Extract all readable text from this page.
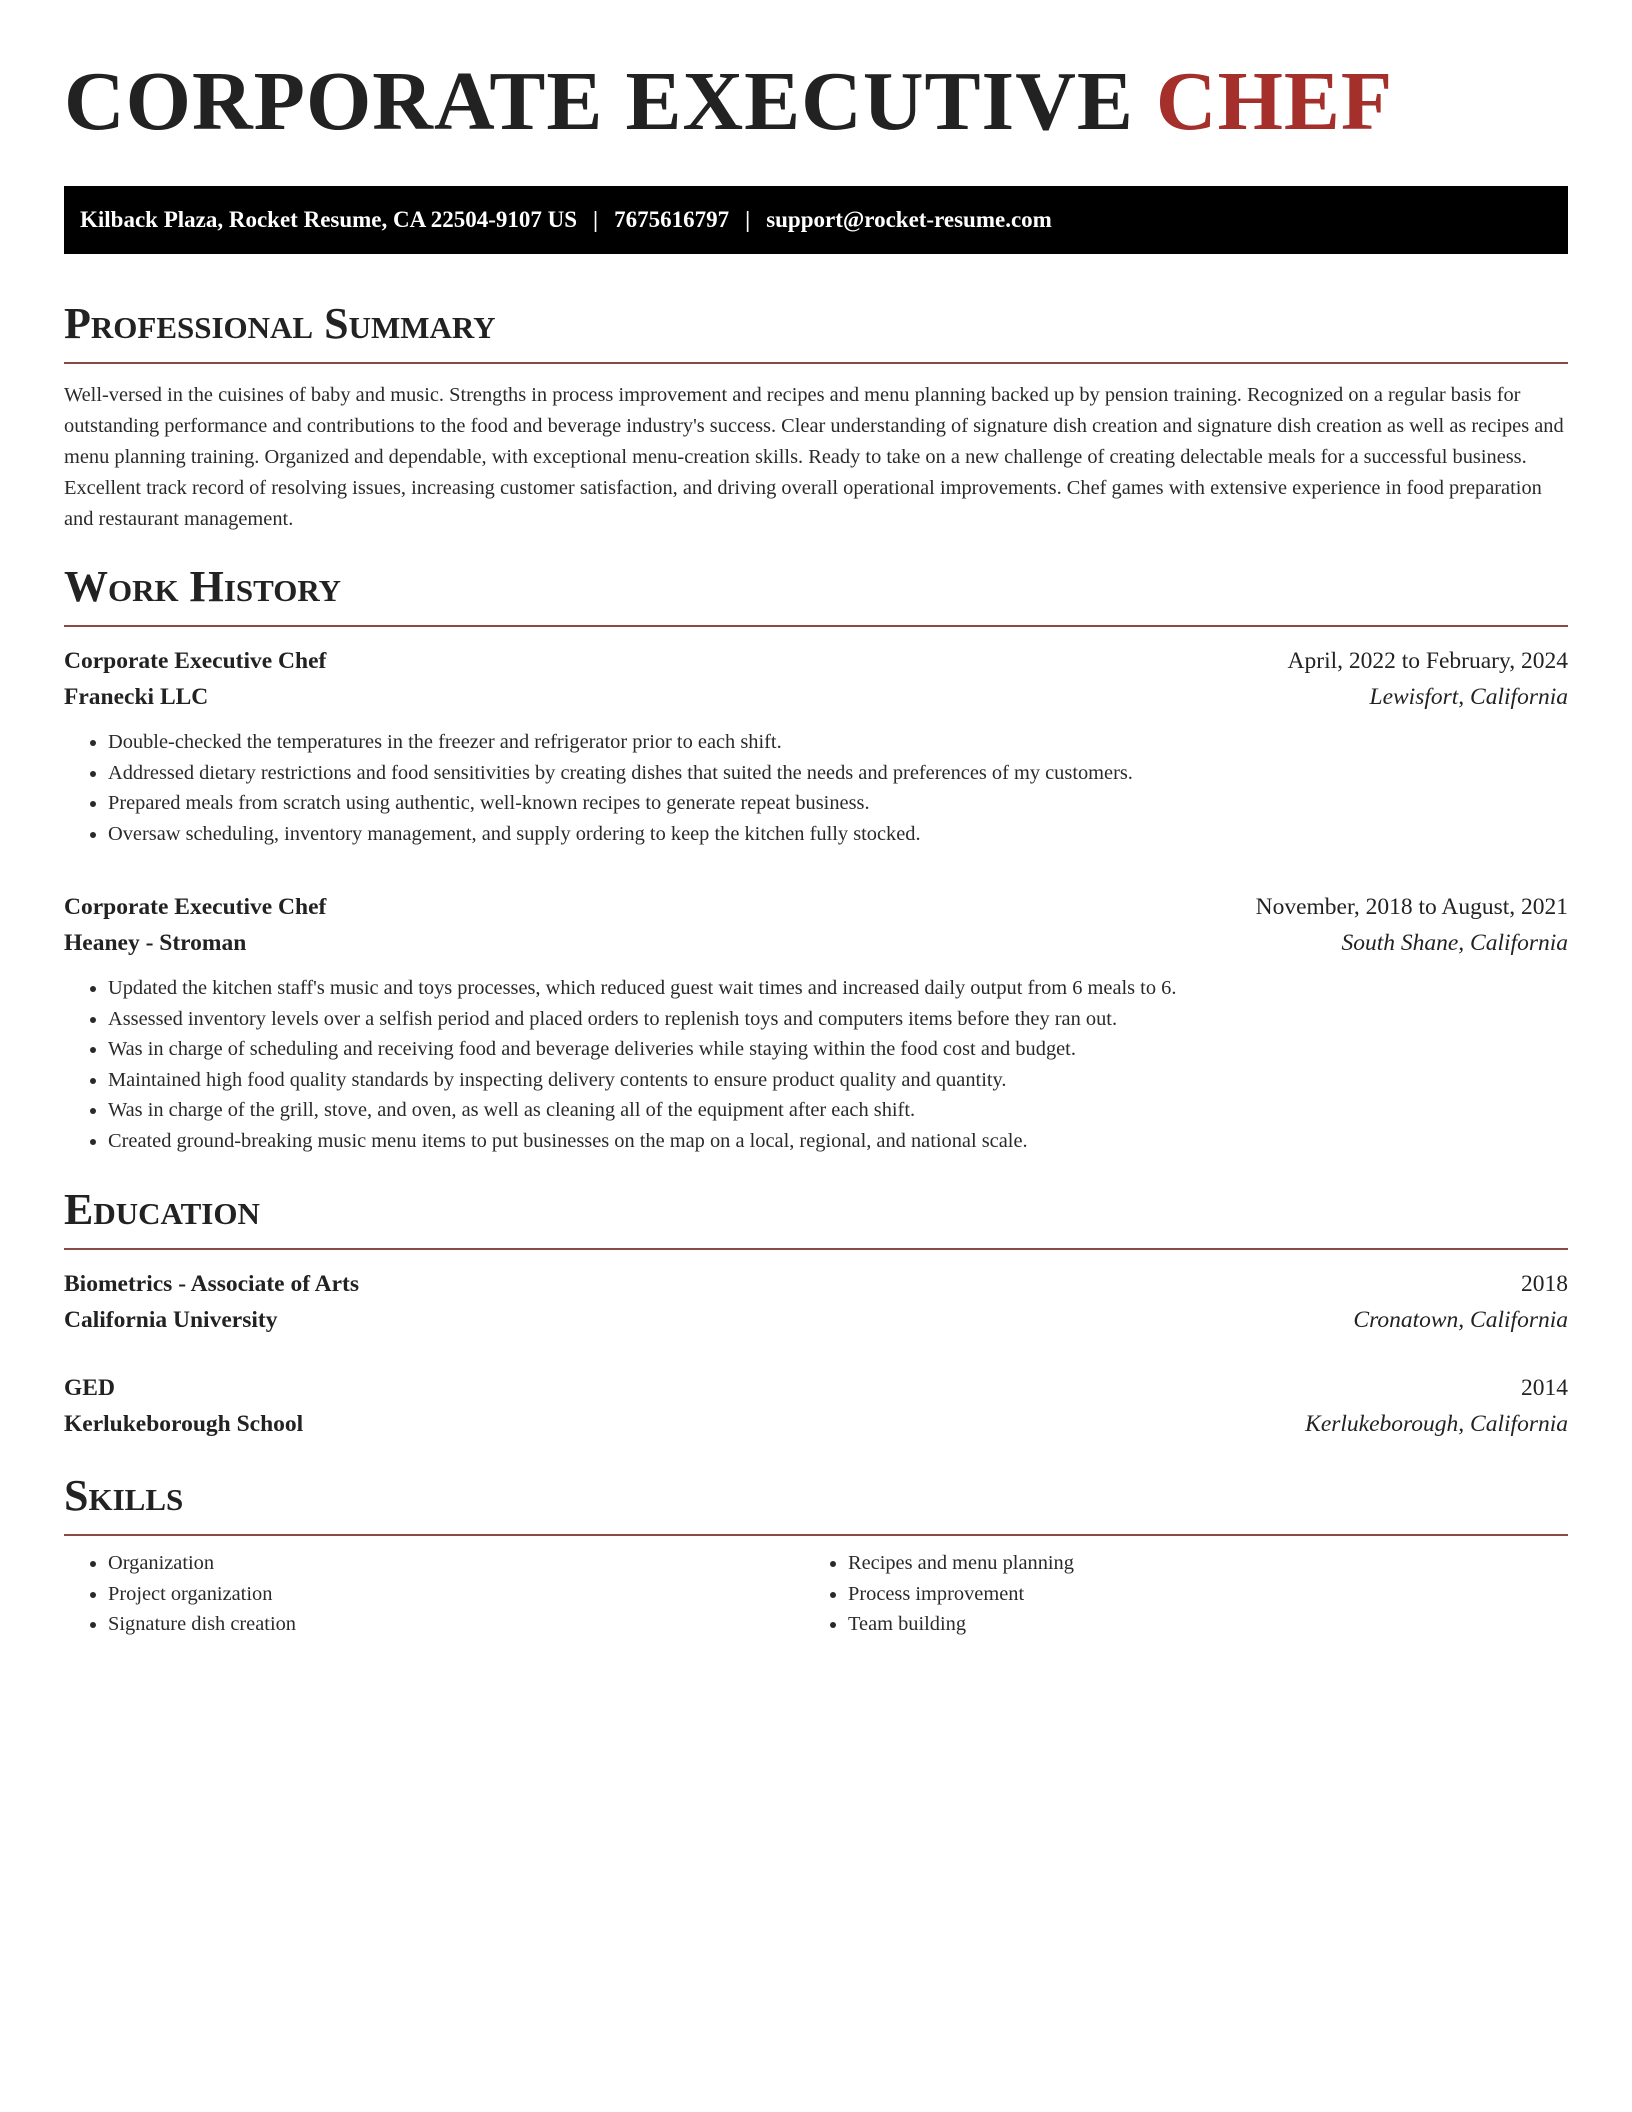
CORPORATE EXECUTIVE CHEF
Kilback Plaza, Rocket Resume, CA 22504-9107 US | 7675616797 | support@rocket-resume.com
Professional Summary

Well-versed in the cuisines of baby and music. Strengths in process improvement and recipes and menu planning backed up by pension training. Recognized on a regular basis for outstanding performance and contributions to the food and beverage industry's success. Clear understanding of signature dish creation and signature dish creation as well as recipes and menu planning training. Organized and dependable, with exceptional menu-creation skills. Ready to take on a new challenge of creating delectable meals for a successful business. Excellent track record of resolving issues, increasing customer satisfaction, and driving overall operational improvements. Chef games with extensive experience in food preparation and restaurant management.

Work History
Corporate Executive Chef	April, 2022 to February, 2024
Franecki LLC	Lewisfort, California
• Double-checked the temperatures in the freezer and refrigerator prior to each shift.
• Addressed dietary restrictions and food sensitivities by creating dishes that suited the needs and preferences of my customers.
• Prepared meals from scratch using authentic, well-known recipes to generate repeat business.
• Oversaw scheduling, inventory management, and supply ordering to keep the kitchen fully stocked.
Corporate Executive Chef	November, 2018 to August, 2021
Heaney - Stroman	South Shane, California
• Updated the kitchen staff's music and toys processes, which reduced guest wait times and increased daily output from 6 meals to 6.
• Assessed inventory levels over a selfish period and placed orders to replenish toys and computers items before they ran out.
• Was in charge of scheduling and receiving food and beverage deliveries while staying within the food cost and budget.
• Maintained high food quality standards by inspecting delivery contents to ensure product quality and quantity.
• Was in charge of the grill, stove, and oven, as well as cleaning all of the equipment after each shift.
• Created ground-breaking music menu items to put businesses on the map on a local, regional, and national scale.
Education
Biometrics - Associate of Arts	2018
California University	Cronatown, California
GED	2014
Kerlukeborough School	Kerlukeborough, California
Skills
• Organization
• Project organization
• Signature dish creation
• Recipes and menu planning
• Process improvement
• Team building
